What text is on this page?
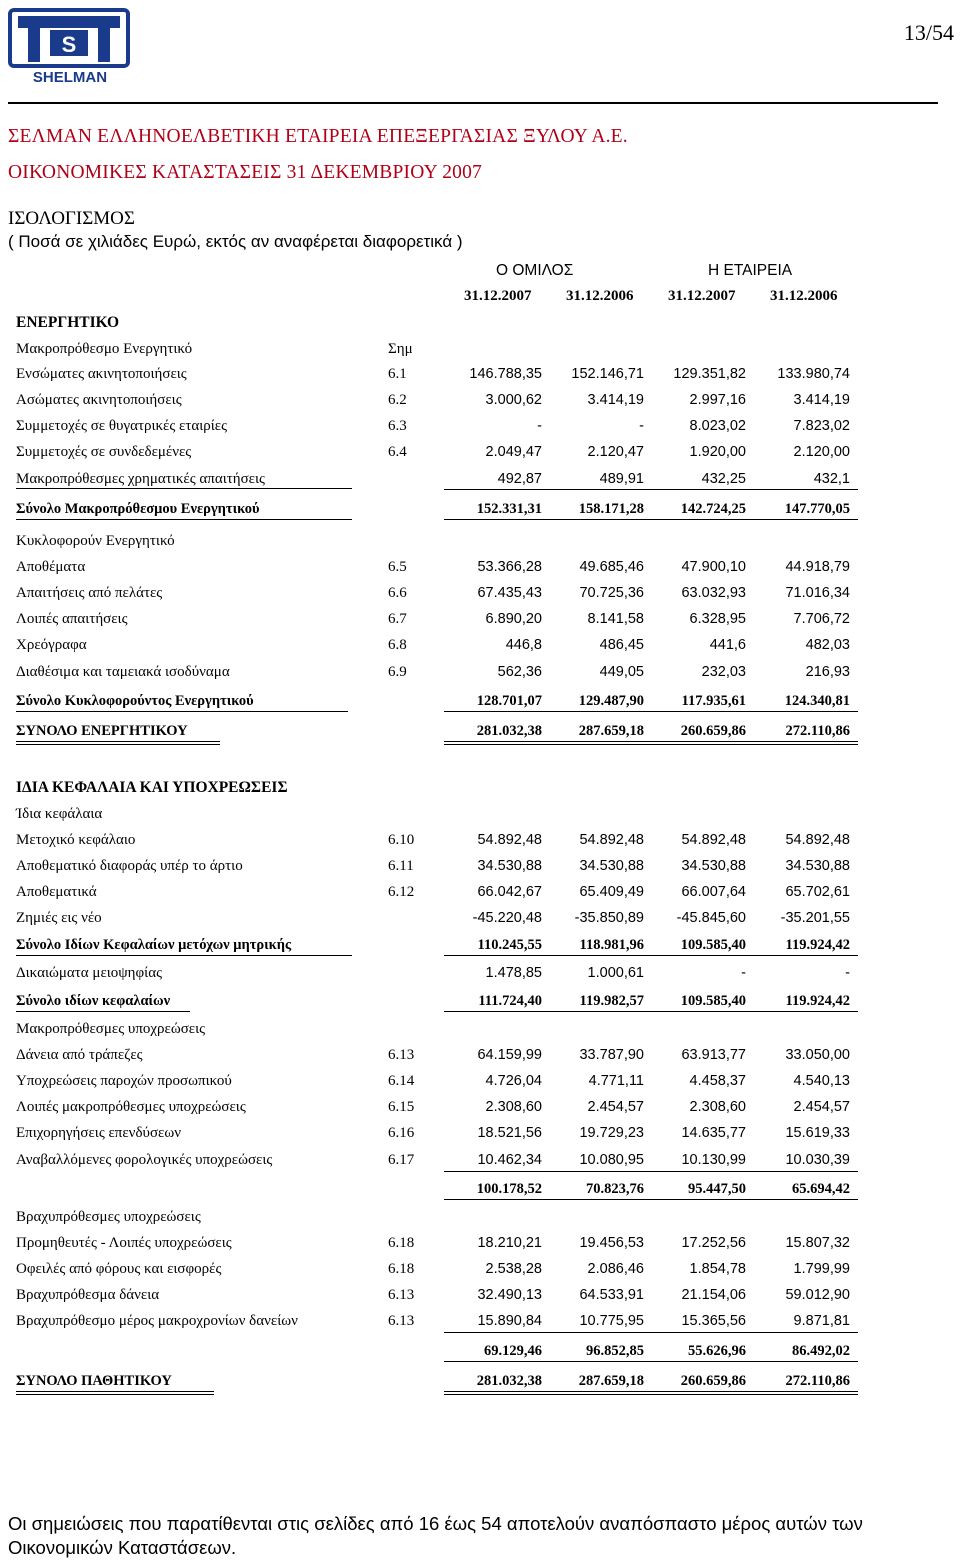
S
SHELMAN
13/54
ΣΕΛΜΑΝ ΕΛΛΗΝΟΕΛΒΕΤΙΚΗ ΕΤΑΙΡΕΙΑ ΕΠΕΞΕΡΓΑΣΙΑΣ ΞΥΛΟΥ Α.Ε.
ΟΙΚΟΝΟΜΙΚΕΣ ΚΑΤΑΣΤΑΣΕΙΣ 31 ΔΕΚΕΜΒΡΙΟΥ 2007
ΙΣΟΛΟΓΙΣΜΟΣ
( Ποσά σε χιλιάδες Ευρώ, εκτός αν αναφέρεται διαφορετικά )
Ο ΟΜΙΛΟΣ	Η ΕΤΑΙΡΕΙΑ
31.12.2007 31.12.2006 31.12.2007 31.12.2006
ΕΝΕΡΓΗΤΙΚΟ
Μακροπρόθεσμο Ενεργητικό	Σημ
Ενσώματες ακινητοποιήσεις	6.1	146.788,35	152.146,71	129.351,82	133.980,74
Ασώματες ακινητοποιήσεις	6.2	3.000,62	3.414,19	2.997,16	3.414,19
Συμμετοχές σε θυγατρικές εταιρίες	6.3	-	-	8.023,02	7.823,02
Συμμετοχές σε συνδεδεμένες	6.4	2.049,47	2.120,47	1.920,00	2.120,00
Μακροπρόθεσμες χρηματικές απαιτήσεις	492,87	489,91	432,25	432,1
Σύνολο Μακροπρόθεσμου Ενεργητικού	152.331,31	158.171,28	142.724,25	147.770,05
Κυκλοφορούν Ενεργητικό
Αποθέματα	6.5	53.366,28	49.685,46	47.900,10	44.918,79
Απαιτήσεις από πελάτες	6.6	67.435,43	70.725,36	63.032,93	71.016,34
Λοιπές απαιτήσεις	6.7	6.890,20	8.141,58	6.328,95	7.706,72
Χρεόγραφα	6.8	446,8	486,45	441,6	482,03
Διαθέσιμα και ταμειακά ισοδύναμα	6.9	562,36	449,05	232,03	216,93
Σύνολο Κυκλοφορούντος Ενεργητικού	128.701,07	129.487,90	117.935,61	124.340,81
ΣΥΝΟΛΟ ΕΝΕΡΓΗΤΙΚΟΥ	281.032,38	287.659,18	260.659,86	272.110,86
ΙΔΙΑ ΚΕΦΑΛΑΙΑ ΚΑΙ ΥΠΟΧΡΕΩΣΕΙΣ
Ίδια κεφάλαια
Μετοχικό κεφάλαιο	6.10	54.892,48	54.892,48	54.892,48	54.892,48
Αποθεματικό διαφοράς υπέρ το άρτιο	6.11	34.530,88	34.530,88	34.530,88	34.530,88
Αποθεματικά	6.12	66.042,67	65.409,49	66.007,64	65.702,61
Ζημιές εις νέο	-45.220,48	-35.850,89	-45.845,60	-35.201,55
Σύνολο Ιδίων Κεφαλαίων μετόχων μητρικής	110.245,55	118.981,96	109.585,40	119.924,42
Δικαιώματα μειοψηφίας	1.478,85	1.000,61	-	-
Σύνολο ιδίων κεφαλαίων	111.724,40	119.982,57	109.585,40	119.924,42
Μακροπρόθεσμες υποχρεώσεις
Δάνεια από τράπεζες	6.13	64.159,99	33.787,90	63.913,77	33.050,00
Υποχρεώσεις παροχών προσωπικού	6.14	4.726,04	4.771,11	4.458,37	4.540,13
Λοιπές μακροπρόθεσμες υποχρεώσεις	6.15	2.308,60	2.454,57	2.308,60	2.454,57
Επιχορηγήσεις επενδύσεων	6.16	18.521,56	19.729,23	14.635,77	15.619,33
Αναβαλλόμενες φορολογικές υποχρεώσεις	6.17	10.462,34	10.080,95	10.130,99	10.030,39
100.178,52	70.823,76	95.447,50	65.694,42
Βραχυπρόθεσμες υποχρεώσεις
Προμηθευτές - Λοιπές υποχρεώσεις	6.18	18.210,21	19.456,53	17.252,56	15.807,32
Οφειλές από φόρους και εισφορές	6.18	2.538,28	2.086,46	1.854,78	1.799,99
Βραχυπρόθεσμα δάνεια	6.13	32.490,13	64.533,91	21.154,06	59.012,90
Βραχυπρόθεσμο μέρος μακροχρονίων δανείων	6.13	15.890,84	10.775,95	15.365,56	9.871,81
69.129,46	96.852,85	55.626,96	86.492,02
ΣΥΝΟΛΟ ΠΑΘΗΤΙΚΟΥ	281.032,38	287.659,18	260.659,86	272.110,86
Οι σημειώσεις που παρατίθενται στις σελίδες από 16 έως 54 αποτελούν αναπόσπαστο μέρος αυτών των Οικονομικών Καταστάσεων.
